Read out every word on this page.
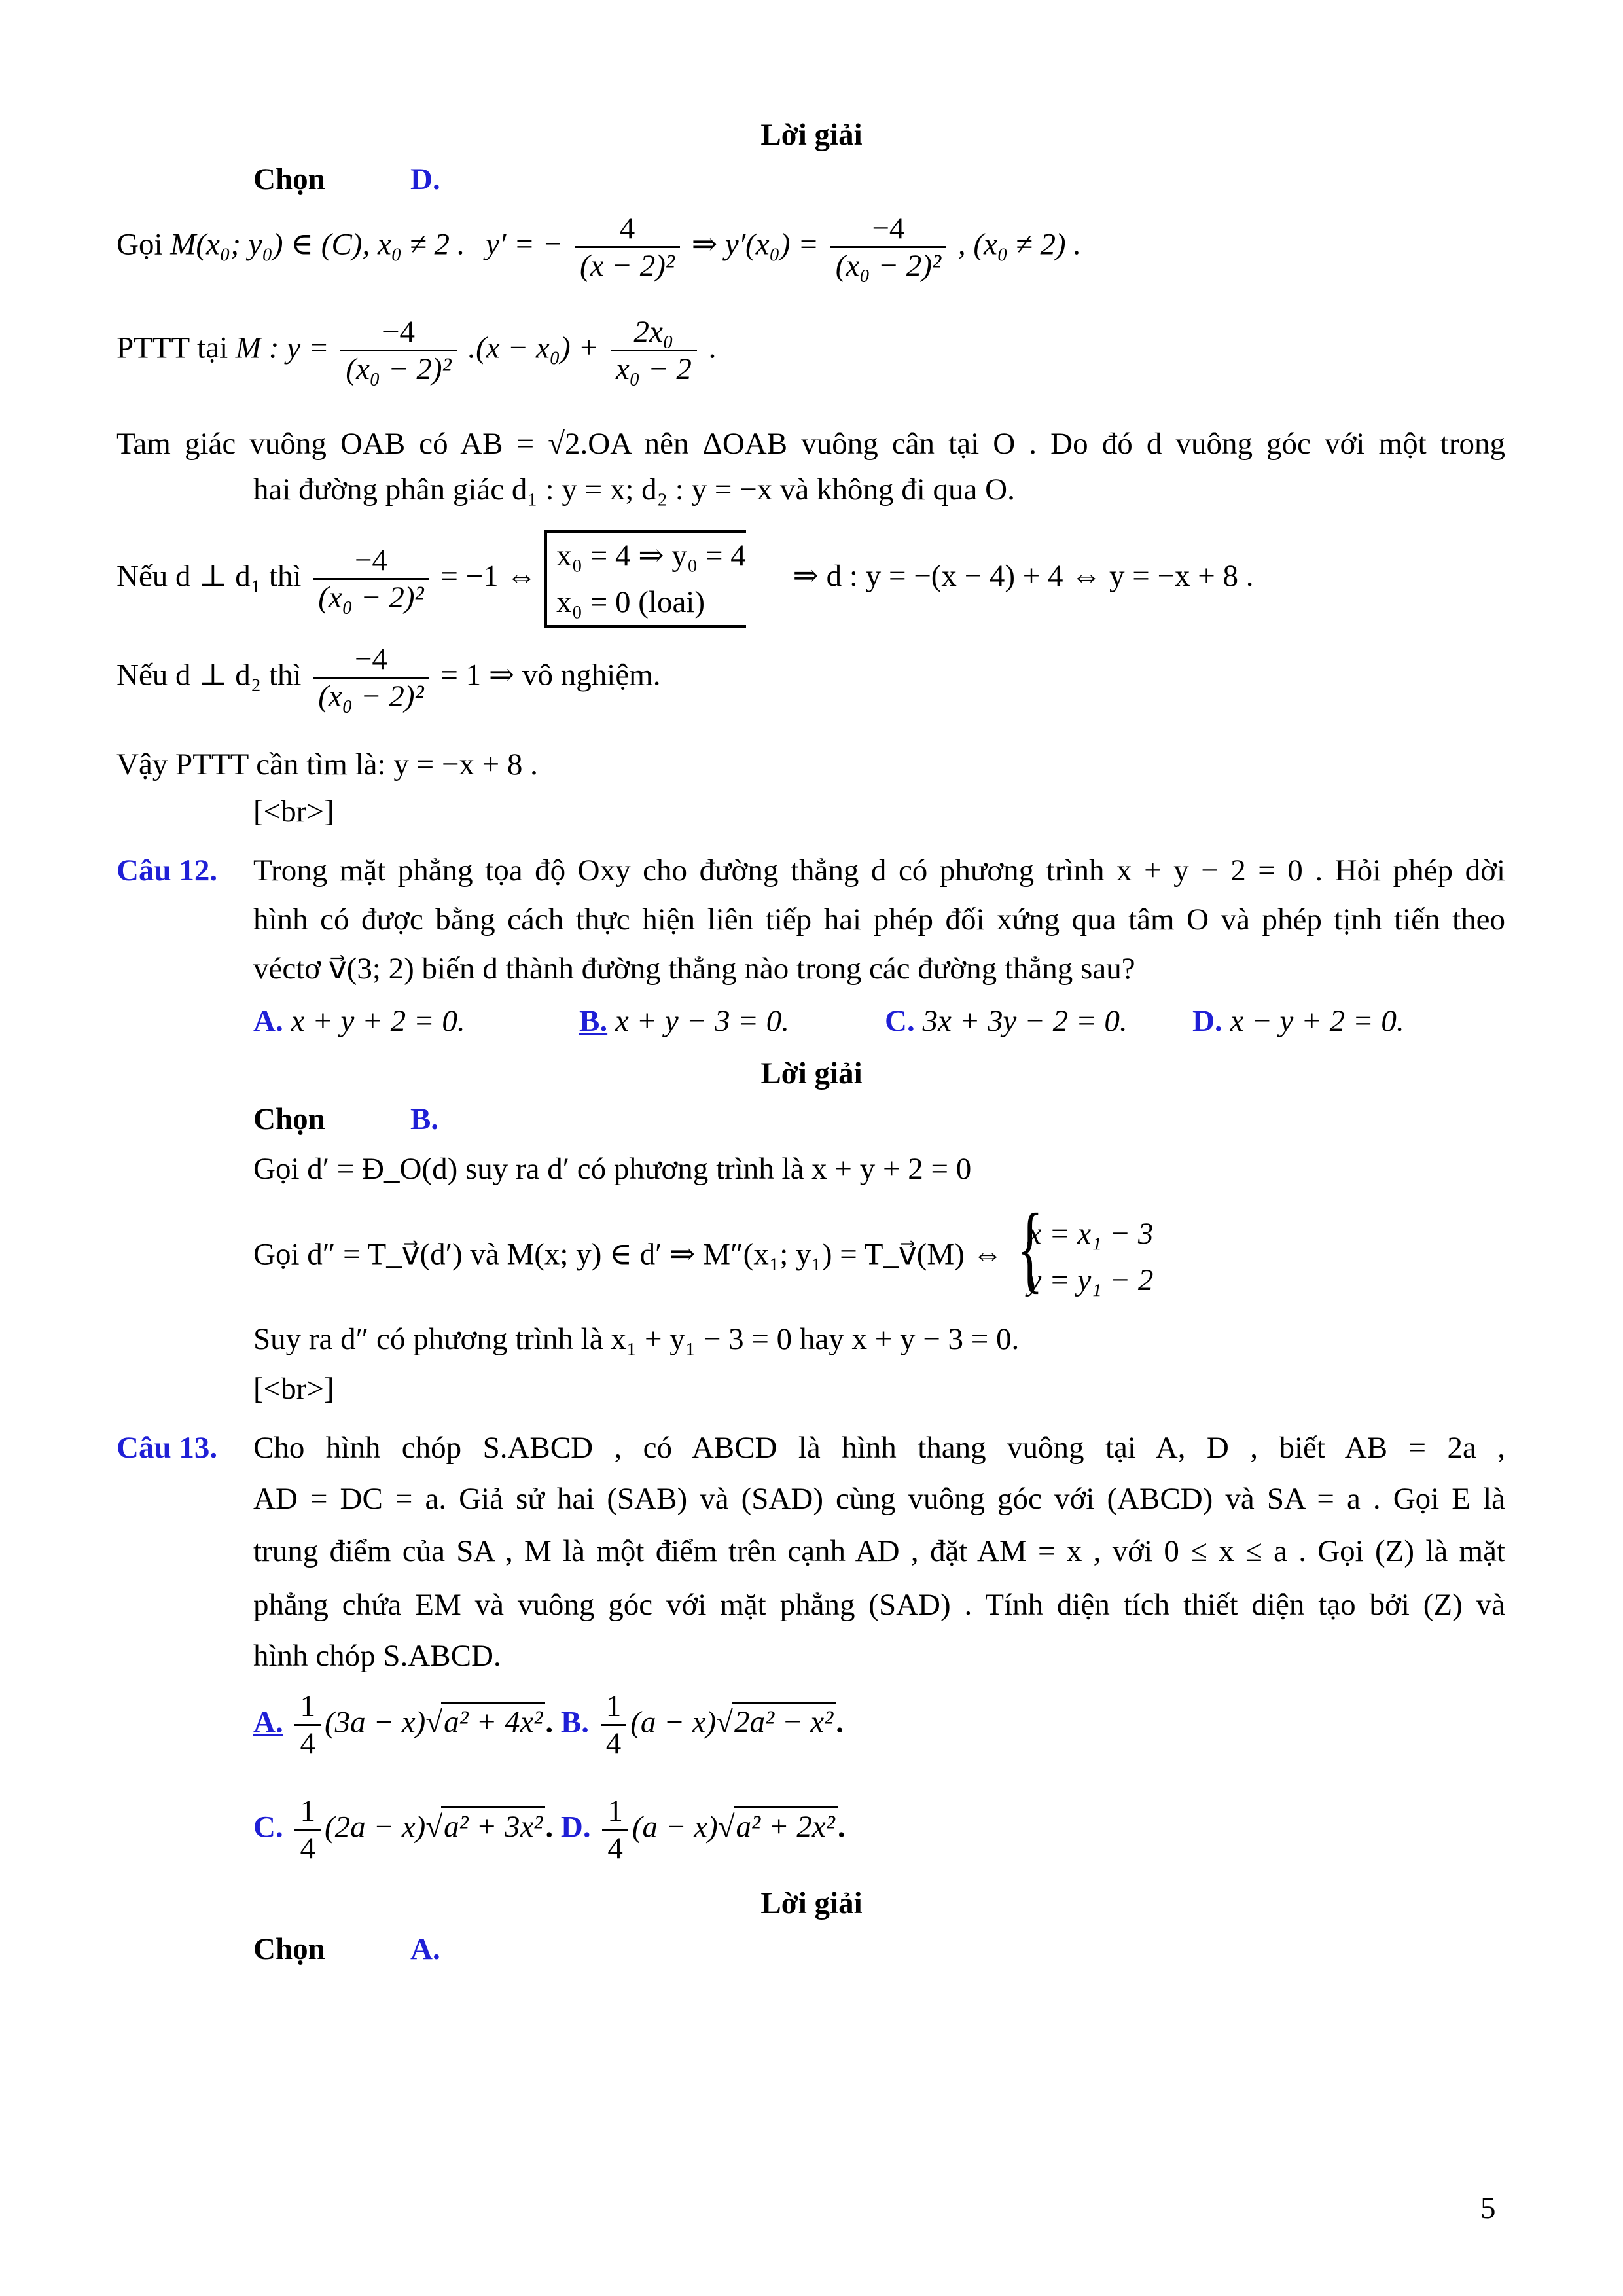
Lời giải
Chọn	D.
Gọi M(x₀; y₀) ∈ (C), x₀ ≠ 2 . y′ = − $\frac{4}{\text{(x − 2)²}}$ ⇒ $y'(x_0) = \frac{-4}{\text{(x₀ − 2)²}}$ , (x₀ ≠ 2) .
PTTT tại M : $y = \frac{-4}{\text{(x₀ − 2)²}} .(x - x_0) + \frac{\text{2x₀}}{\text{x₀ − 2}}$ .
Tam giác vuông OAB có AB = √2.OA nên ΔOAB vuông cân tại O . Do đó d vuông góc với một trong
hai đường phân giác d₁ : y = x; d₂ : y = −x và không đi qua O.
Nếu d ⊥ d₁ thì $\frac{-4}{\text{(x₀ − 2)²}} = -1$ ⇔
x₀ = 4 ⇒ y₀ = 4
x₀ = 0 (loai)
⇒ d : y = −(x − 4) + 4 ⇔ y = −x + 8 .
Nếu d ⊥ d₂ thì $\frac{-4}{\text{(x₀ − 2)²}} = 1$ ⇒ vô nghiệm.
Vậy PTTT cần tìm là: y = −x + 8 .
[<br>]
Câu 12. Trong mặt phẳng tọa độ Oxy cho đường thẳng d có phương trình x + y − 2 = 0 . Hỏi phép dời
hình có được bằng cách thực hiện liên tiếp hai phép đối xứng qua tâm O và phép tịnh tiến theo
véctơ v⃗(3; 2) biến d thành đường thẳng nào trong các đường thẳng sau?
A. x + y + 2 = 0.	B. x + y − 3 = 0.	C. 3x + 3y − 2 = 0. D. x − y + 2 = 0.
Lời giải
Chọn	B.
Gọi d′ = Đ_O(d) suy ra d′ có phương trình là x + y + 2 = 0
Gọi d″ = T_v⃗(d′) và M(x; y) ∈ d′ ⇒ M″(x₁; y₁) = T_v⃗(M) ⇔
{ x = x₁ − 3
y = y₁ − 2
Suy ra d″ có phương trình là x₁ + y₁ − 3 = 0 hay x + y − 3 = 0.
[<br>]
Câu 13. Cho hình chóp S.ABCD , có ABCD là hình thang vuông tại A, D , biết AB = 2a ,
AD = DC = a. Giả sử hai (SAB) và (SAD) cùng vuông góc với (ABCD) và SA = a . Gọi E là
trung điểm của SA , M là một điểm trên cạnh AD , đặt AM = x , với 0 ≤ x ≤ a . Gọi (Z) là mặt
phẳng chứa EM và vuông góc với mặt phẳng (SAD) . Tính diện tích thiết diện tạo bởi (Z) và
hình chóp S.ABCD.
A. $\frac{1}{4} (3a - x)√a^2 + 4x^2$. B. $\frac{1}{4} (a - x)√2a^2 - x^2$.
C. $\frac{1}{4} (2a - x)√a^2 + 3x^2$. D. $\frac{1}{4} (a - x)√a^2 + 2x^2$.
Lời giải
Chọn	A.
5
